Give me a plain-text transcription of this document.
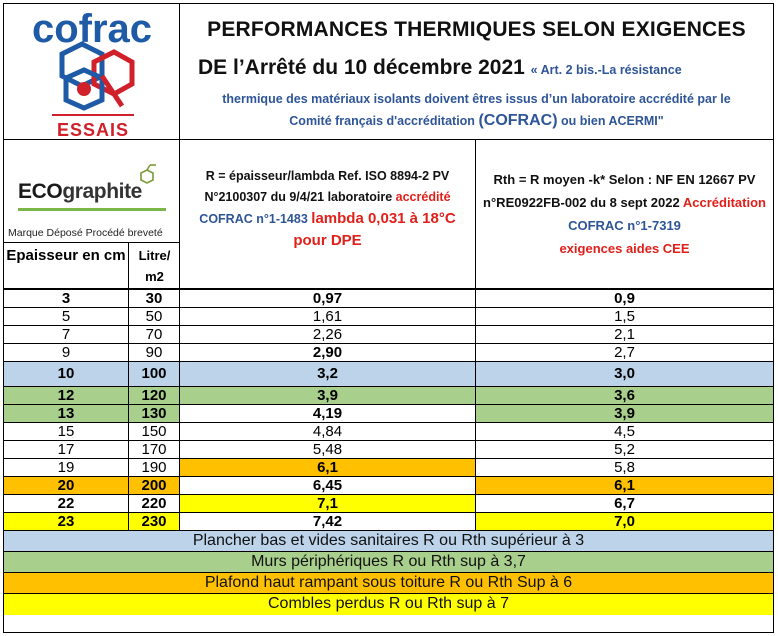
cofrac
ESSAIS
PERFORMANCES THERMIQUES SELON EXIGENCES
DE l’Arrêté du 10 décembre 2021 « Art. 2 bis.-La résistance
thermique des matériaux isolants doivent êtres issus d’un laboratoire accrédité par le
Comité français d'accréditation (COFRAC) ou bien ACERMI"
ECOgraphite
Marque Déposé Procédé breveté
Epaisseur en cm Litre/ m2
R = épaisseur/lambda Ref. ISO 8894-2 PV N°2100307 du 9/4/21 laboratoire accrédité COFRAC n°1-1483 lambda 0,031 à 18°C pour DPE
Rth = R moyen -k* Selon : NF EN 12667 PV n°RE0922FB-002 du 8 sept 2022 Accréditation COFRAC n°1-7319
exigences aides CEE
3	30	0,97	0,9
5	50	1,61	1,5
7	70	2,26	2,1
9	90	2,90	2,7
10	100	3,2	3,0
12	120	3,9	3,6
13	130	4,19	3,9
15	150	4,84	4,5
17	170	5,48	5,2
19	190	6,1	5,8
20	200	6,45	6,1
22	220	7,1	6,7
23	230	7,42	7,0
Plancher bas et vides sanitaires R ou Rth supérieur à 3
Murs périphériques R ou Rth sup à 3,7
Plafond haut rampant sous toiture R ou Rth Sup à 6
Combles perdus R ou Rth sup à 7
